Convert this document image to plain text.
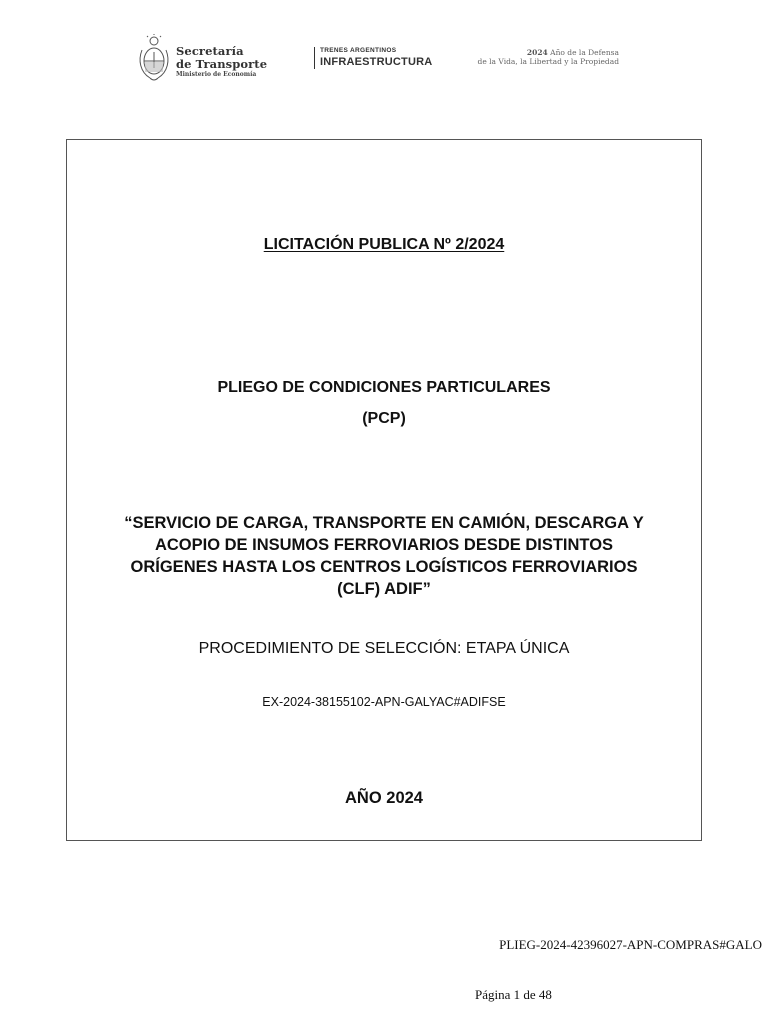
Secretaría
de Transporte
Ministerio de Economía
TRENES ARGENTINOS
INFRAESTRUCTURA
2024 Año de la Defensa
de la Vida, la Libertad y la Propiedad
LICITACIÓN PUBLICA Nº 2/2024
PLIEGO DE CONDICIONES PARTICULARES
(PCP)
“SERVICIO DE CARGA, TRANSPORTE EN CAMIÓN, DESCARGA Y
ACOPIO DE INSUMOS FERROVIARIOS DESDE DISTINTOS
ORÍGENES HASTA LOS CENTROS LOGÍSTICOS FERROVIARIOS
(CLF) ADIF”
PROCEDIMIENTO DE SELECCIÓN: ETAPA ÚNICA
EX-2024-38155102-APN-GALYAC#ADIFSE
AÑO 2024
PLIEG-2024-42396027-APN-COMPRAS#GALO
Página 1 de 48
